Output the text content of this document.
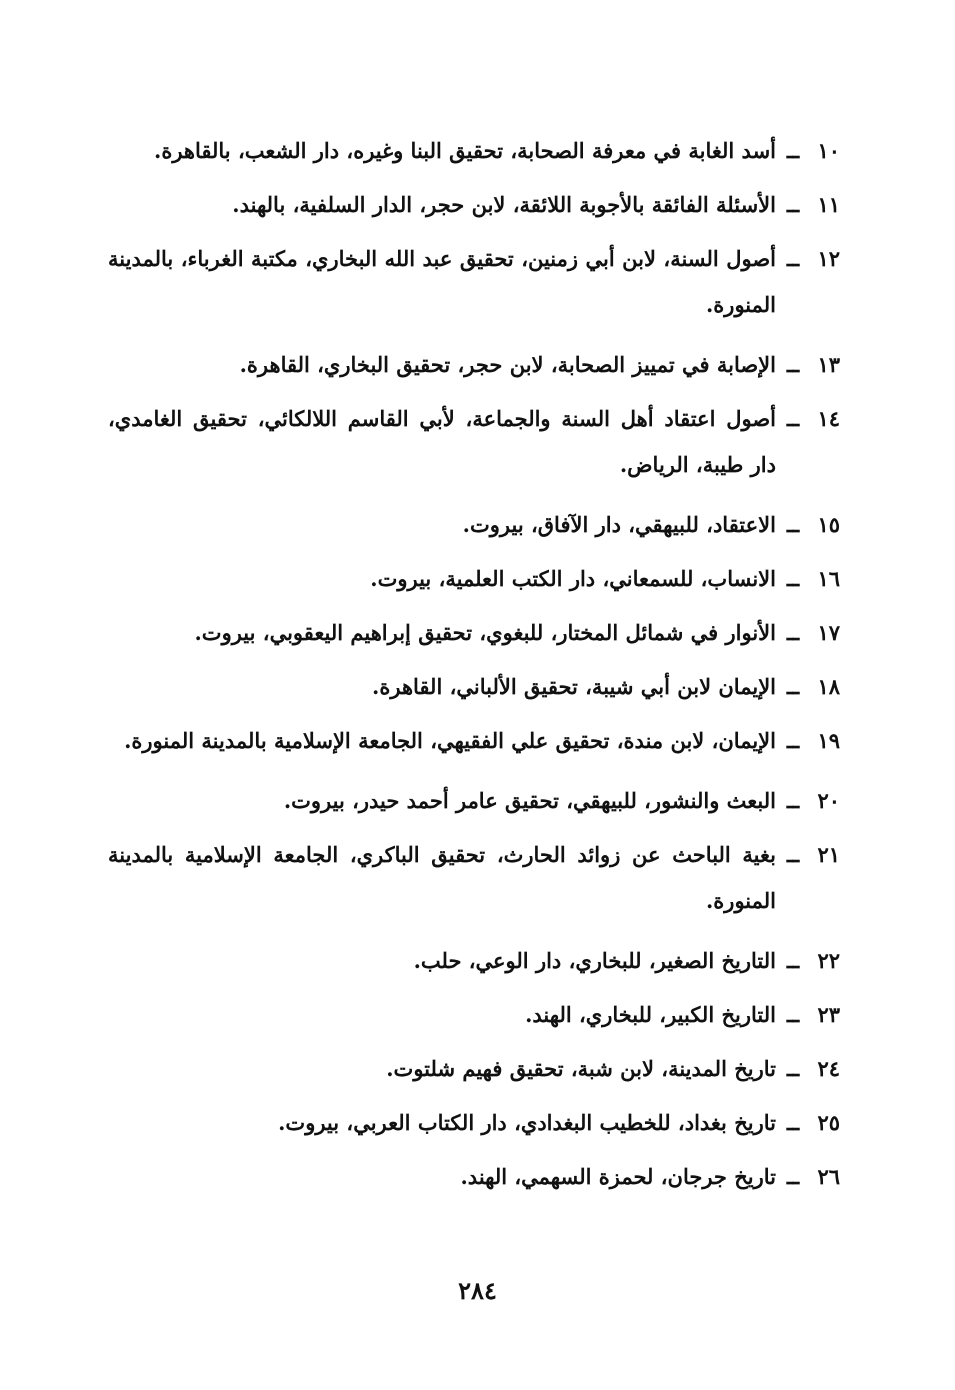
١٠
ــ
أسد الغابة في معرفة الصحابة، تحقيق البنا وغيره، دار الشعب، بالقاهرة.
١١
ــ
الأسئلة الفائقة بالأجوبة اللائقة، لابن حجر، الدار السلفية، بالهند.
١٢
ــ
أصول السنة، لابن أبي زمنين، تحقيق عبد الله البخاري، مكتبة الغرباء، بالمدينة المنورة.
١٣
ــ
الإصابة في تمييز الصحابة، لابن حجر، تحقيق البخاري، القاهرة.
١٤
ــ
أصول اعتقاد أهل السنة والجماعة، لأبي القاسم اللالكائي، تحقيق الغامدي، دار طيبة، الرياض.
١٥
ــ
الاعتقاد، للبيهقي، دار الآفاق، بيروت.
١٦
ــ
الانساب، للسمعاني، دار الكتب العلمية، بيروت.
١٧
ــ
الأنوار في شمائل المختار، للبغوي، تحقيق إبراهيم اليعقوبي، بيروت.
١٨
ــ
الإيمان لابن أبي شيبة، تحقيق الألباني، القاهرة.
١٩
ــ
الإيمان، لابن مندة، تحقيق علي الفقيهي، الجامعة الإسلامية بالمدينة المنورة.
٢٠
ــ
البعث والنشور، للبيهقي، تحقيق عامر أحمد حيدر، بيروت.
٢١
ــ
بغية الباحث عن زوائد الحارث، تحقيق الباكري، الجامعة الإسلامية بالمدينة المنورة.
٢٢
ــ
التاريخ الصغير، للبخاري، دار الوعي، حلب.
٢٣
ــ
التاريخ الكبير، للبخاري، الهند.
٢٤
ــ
تاريخ المدينة، لابن شبة، تحقيق فهيم شلتوت.
٢٥
ــ
تاريخ بغداد، للخطيب البغدادي، دار الكتاب العربي، بيروت.
٢٦
ــ
تاريخ جرجان، لحمزة السهمي، الهند.
٢٨٤
